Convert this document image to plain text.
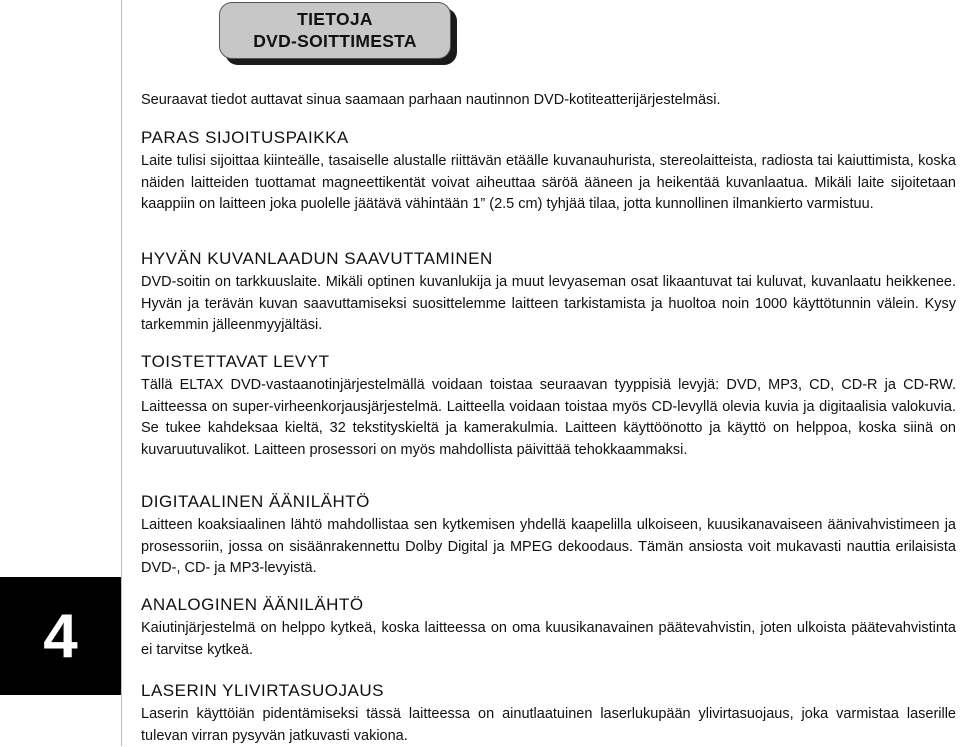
TIETOJA
DVD-SOITTIMESTA
4
Seuraavat tiedot auttavat sinua saamaan parhaan nautinnon DVD-kotiteatterijärjestelmäsi.
PARAS SIJOITUSPAIKKA

Laite tulisi sijoittaa kiinteälle, tasaiselle alustalle riittävän etäälle kuvanauhurista, stereolaitteista, radiosta tai kaiuttimista, koska näiden laitteiden tuottamat magneettikentät voivat aiheuttaa säröä ääneen ja heikentää kuvanlaatua. Mikäli laite sijoitetaan kaappiin on laitteen joka puolelle jäätävä vähintään 1” (2.5 cm) tyhjää tilaa, jotta kunnollinen ilmankierto varmistuu.

HYVÄN KUVANLAADUN SAAVUTTAMINEN

DVD-soitin on tarkkuuslaite. Mikäli optinen kuvanlukija ja muut levyaseman osat likaantuvat tai kuluvat, kuvanlaatu heikkenee. Hyvän ja terävän kuvan saavuttamiseksi suosittelemme laitteen tarkistamista ja huoltoa noin 1000 käyttötunnin välein. Kysy tarkemmin jälleenmyyjältäsi.

TOISTETTAVAT LEVYT

Tällä ELTAX DVD-vastaanotinjärjestelmällä voidaan toistaa seuraavan tyyppisiä levyjä: DVD, MP3, CD, CD-R ja CD-RW. Laitteessa on super-virheenkorjausjärjestelmä. Laitteella voidaan toistaa myös CD-levyllä olevia kuvia ja digitaalisia valokuvia. Se tukee kahdeksaa kieltä, 32 tekstityskieltä ja kamerakulmia. Laitteen käyttöönotto ja käyttö on helppoa, koska siinä on kuvaruutuvalikot. Laitteen prosessori on myös mahdollista päivittää tehokkaammaksi.

DIGITAALINEN ÄÄNILÄHTÖ

Laitteen koaksiaalinen lähtö mahdollistaa sen kytkemisen yhdellä kaapelilla ulkoiseen, kuusikanavaiseen äänivahvistimeen ja prosessoriin, jossa on sisäänrakennettu Dolby Digital ja MPEG dekoodaus. Tämän ansiosta voit mukavasti nauttia erilaisista DVD-, CD- ja MP3-levyistä.

ANALOGINEN ÄÄNILÄHTÖ

Kaiutinjärjestelmä on helppo kytkeä, koska laitteessa on oma kuusikanavainen päätevahvistin, joten ulkoista päätevahvistinta ei tarvitse kytkeä.

LASERIN YLIVIRTASUOJAUS

Laserin käyttöiän pidentämiseksi tässä laitteessa on ainutlaatuinen laserlukupään ylivirtasuojaus, joka varmistaa laserille tulevan virran pysyvän jatkuvasti vakiona.
